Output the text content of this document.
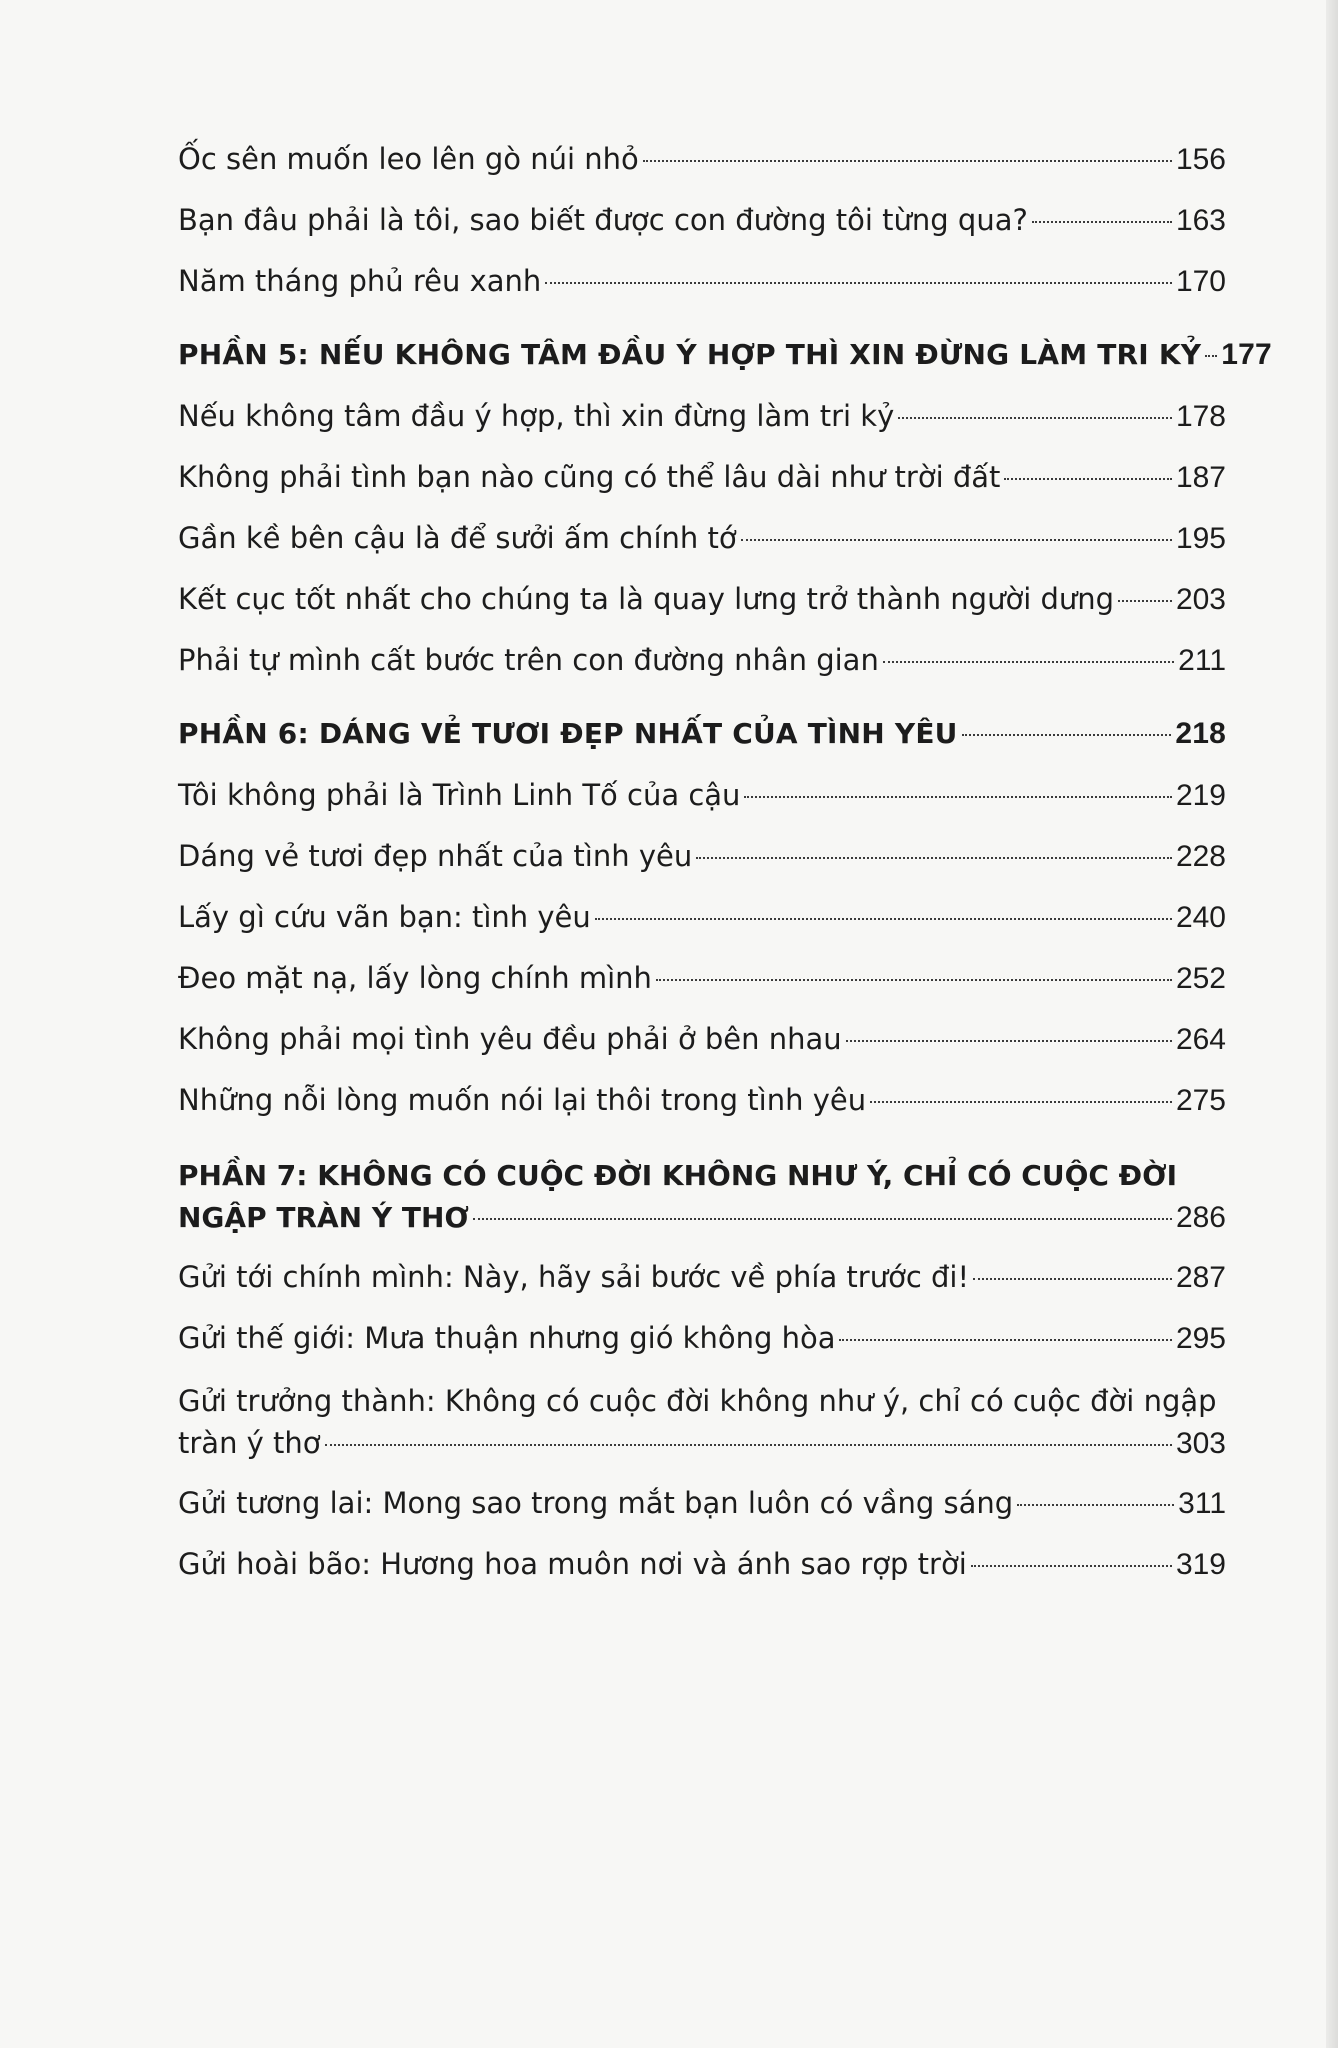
Ốc sên muốn leo lên gò núi nhỏ	156
Bạn đâu phải là tôi, sao biết được con đường tôi từng qua?	163
Năm tháng phủ rêu xanh	170
PHẦN 5: NẾU KHÔNG TÂM ĐẦU Ý HỢP THÌ XIN ĐỪNG LÀM TRI KỶ 177
Nếu không tâm đầu ý hợp, thì xin đừng làm tri kỷ	178
Không phải tình bạn nào cũng có thể lâu dài như trời đất	187
Gần kề bên cậu là để sưởi ấm chính tớ	195
Kết cục tốt nhất cho chúng ta là quay lưng trở thành người dưng 203
Phải tự mình cất bước trên con đường nhân gian	211
PHẦN 6: DÁNG VẺ TƯƠI ĐẸP NHẤT CỦA TÌNH YÊU	218
Tôi không phải là Trình Linh Tố của cậu	219
Dáng vẻ tươi đẹp nhất của tình yêu	228
Lấy gì cứu vãn bạn: tình yêu	240
Đeo mặt nạ, lấy lòng chính mình	252
Không phải mọi tình yêu đều phải ở bên nhau	264
Những nỗi lòng muốn nói lại thôi trong tình yêu	275
PHẦN 7: KHÔNG CÓ CUỘC ĐỜI KHÔNG NHƯ Ý, CHỈ CÓ CUỘC ĐỜI
NGẬP TRÀN Ý THƠ	286
Gửi tới chính mình: Này, hãy sải bước về phía trước đi!	287
Gửi thế giới: Mưa thuận nhưng gió không hòa	295
Gửi trưởng thành: Không có cuộc đời không như ý, chỉ có cuộc đời ngập
tràn ý thơ	303
Gửi tương lai: Mong sao trong mắt bạn luôn có vầng sáng	311
Gửi hoài bão: Hương hoa muôn nơi và ánh sao rợp trời	319
